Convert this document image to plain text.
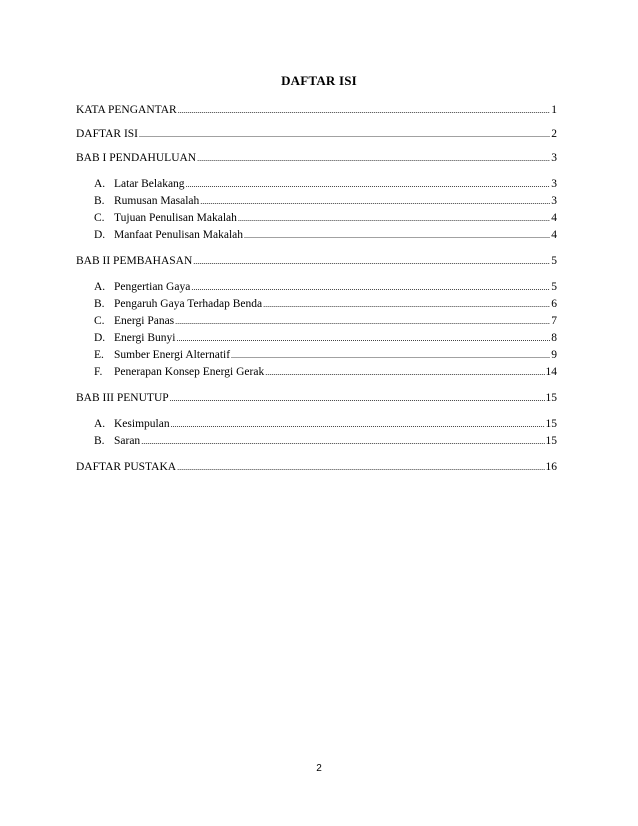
DAFTAR ISI
KATA PENGANTAR .....	1
DAFTAR ISI .....	2
BAB I PENDAHULUAN .....	3
A. Latar Belakang .....	3
B. Rumusan Masalah .....	3
C. Tujuan Penulisan Makalah .....	4
D. Manfaat Penulisan Makalah .....	4
BAB II PEMBAHASAN .....	5
A. Pengertian Gaya .....	5
B. Pengaruh Gaya Terhadap Benda .....	6
C. Energi Panas .....	7
D. Energi Bunyi .....	8
E. Sumber Energi Alternatif .....	9
F.	Penerapan Konsep Energi Gerak .....	14
BAB III PENUTUP .....	15
A. Kesimpulan .....	15
B. Saran .....	15
DAFTAR PUSTAKA .....	16
2
